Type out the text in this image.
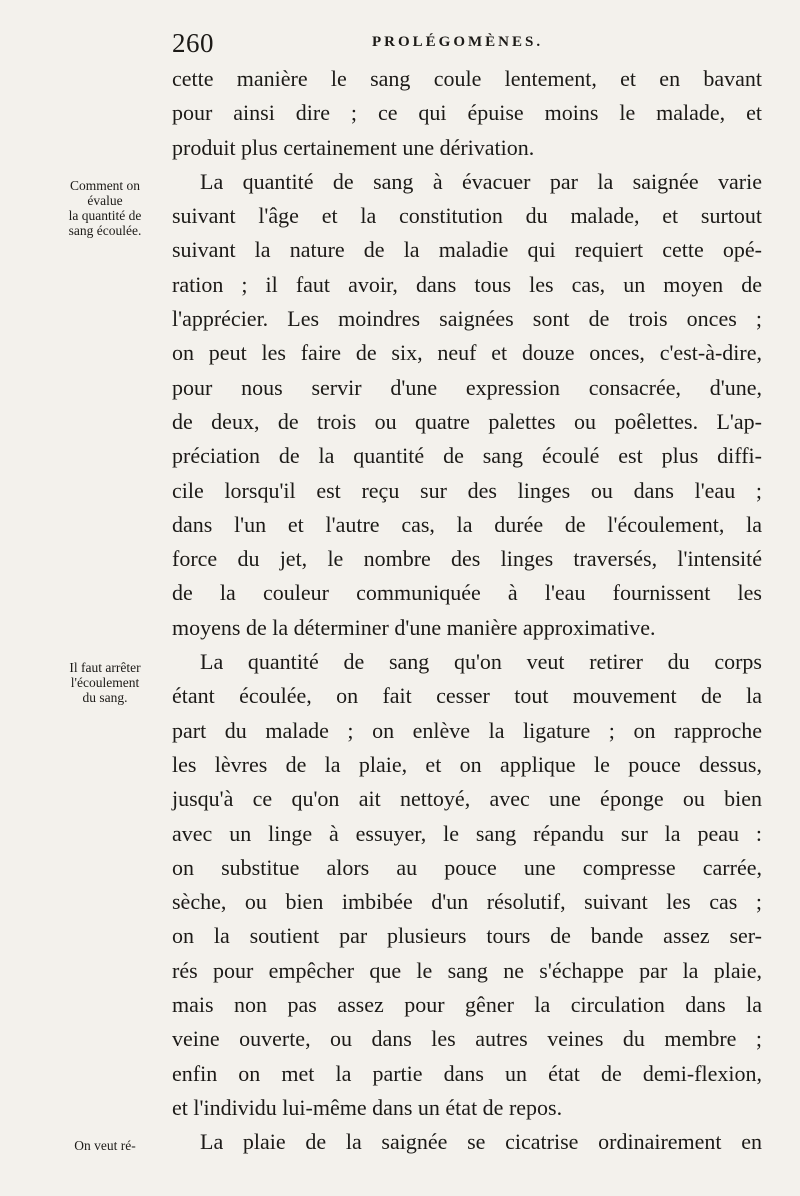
260	PROLÉGOMÈNES.
Comment on
évalue
la quantité de
sang écoulée.
Il faut arrêter
l'écoulement
du sang.
On veut ré-
cette manière le sang coule lentement, et en bavant
pour ainsi dire ; ce qui épuise moins le malade, et
produit plus certainement une dérivation.
La quantité de sang à évacuer par la saignée varie
suivant l'âge et la constitution du malade, et surtout
suivant la nature de la maladie qui requiert cette opé-
ration ; il faut avoir, dans tous les cas, un moyen de
l'apprécier. Les moindres saignées sont de trois onces ;
on peut les faire de six, neuf et douze onces, c'est-à-dire,
pour nous servir d'une expression consacrée, d'une,
de deux, de trois ou quatre palettes ou poêlettes. L'ap-
préciation de la quantité de sang écoulé est plus diffi-
cile lorsqu'il est reçu sur des linges ou dans l'eau ;
dans l'un et l'autre cas, la durée de l'écoulement, la
force du jet, le nombre des linges traversés, l'intensité
de la couleur communiquée à l'eau fournissent les
moyens de la déterminer d'une manière approximative.
La quantité de sang qu'on veut retirer du corps
étant écoulée, on fait cesser tout mouvement de la
part du malade ; on enlève la ligature ; on rapproche
les lèvres de la plaie, et on applique le pouce dessus,
jusqu'à ce qu'on ait nettoyé, avec une éponge ou bien
avec un linge à essuyer, le sang répandu sur la peau :
on substitue alors au pouce une compresse carrée,
sèche, ou bien imbibée d'un résolutif, suivant les cas ;
on la soutient par plusieurs tours de bande assez ser-
rés pour empêcher que le sang ne s'échappe par la plaie,
mais non pas assez pour gêner la circulation dans la
veine ouverte, ou dans les autres veines du membre ;
enfin on met la partie dans un état de demi-flexion,
et l'individu lui-même dans un état de repos.
La plaie de la saignée se cicatrise ordinairement en
